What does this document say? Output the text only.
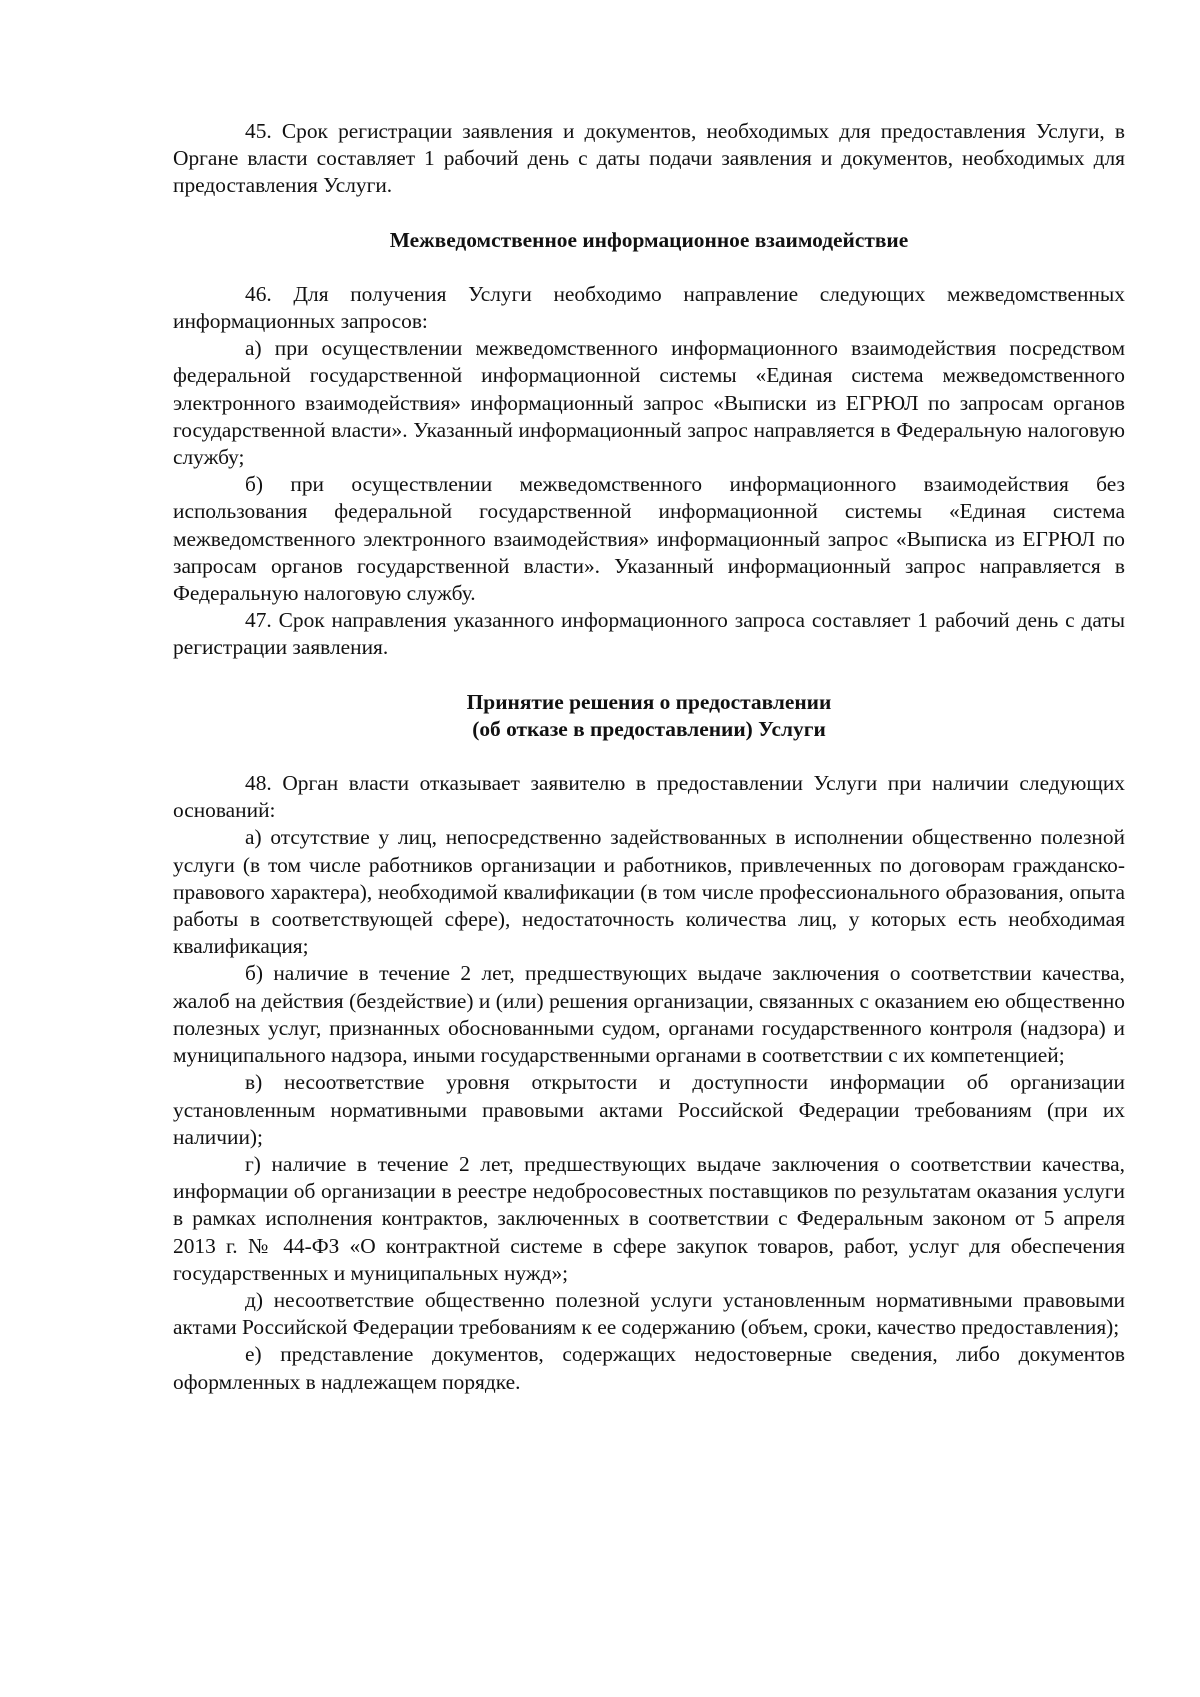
45. Срок регистрации заявления и документов, необходимых для предоставления Услуги, в Органе власти составляет 1 рабочий день с даты подачи заявления и документов, необходимых для предоставления Услуги.

Межведомственное информационное взаимодействие

46. Для получения Услуги необходимо направление следующих межведомственных информационных запросов:

а) при осуществлении межведомственного информационного взаимодействия посредством федеральной государственной информационной системы «Единая система межведомственного электронного взаимодействия» информационный запрос «Выписки из ЕГРЮЛ по запросам органов государственной власти». Указанный информационный запрос направляется в Федеральную налоговую службу;

б) при осуществлении межведомственного информационного взаимодействия без использования федеральной государственной информационной системы «Единая система межведомственного электронного взаимодействия» информационный запрос «Выписка из ЕГРЮЛ по запросам органов государственной власти». Указанный информационный запрос направляется в Федеральную налоговую службу.

47. Срок направления указанного информационного запроса составляет 1 рабочий день с даты регистрации заявления.

Принятие решения о предоставлении
(об отказе в предоставлении) Услуги

48. Орган власти отказывает заявителю в предоставлении Услуги при наличии следующих оснований:

а) отсутствие у лиц, непосредственно задействованных в исполнении общественно полезной услуги (в том числе работников организации и работников, привлеченных по договорам гражданско-правового характера), необходимой квалификации (в том числе профессионального образования, опыта работы в соответствующей сфере), недостаточность количества лиц, у которых есть необходимая квалификация;

б) наличие в течение 2 лет, предшествующих выдаче заключения о соответствии качества, жалоб на действия (бездействие) и (или) решения организации, связанных с оказанием ею общественно полезных услуг, признанных обоснованными судом, органами государственного контроля (надзора) и муниципального надзора, иными государственными органами в соответствии с их компетенцией;

в) несоответствие уровня открытости и доступности информации об организации установленным нормативными правовыми актами Российской Федерации требованиям (при их наличии);

г) наличие в течение 2 лет, предшествующих выдаче заключения о соответствии качества, информации об организации в реестре недобросовестных поставщиков по результатам оказания услуги в рамках исполнения контрактов, заключенных в соответствии с Федеральным законом от 5 апреля 2013 г. № 44-ФЗ «О контрактной системе в сфере закупок товаров, работ, услуг для обеспечения государственных и муниципальных нужд»;

д) несоответствие общественно полезной услуги установленным нормативными правовыми актами Российской Федерации требованиям к ее содержанию (объем, сроки, качество предоставления);

е) представление документов, содержащих недостоверные сведения, либо документов оформленных в надлежащем порядке.
